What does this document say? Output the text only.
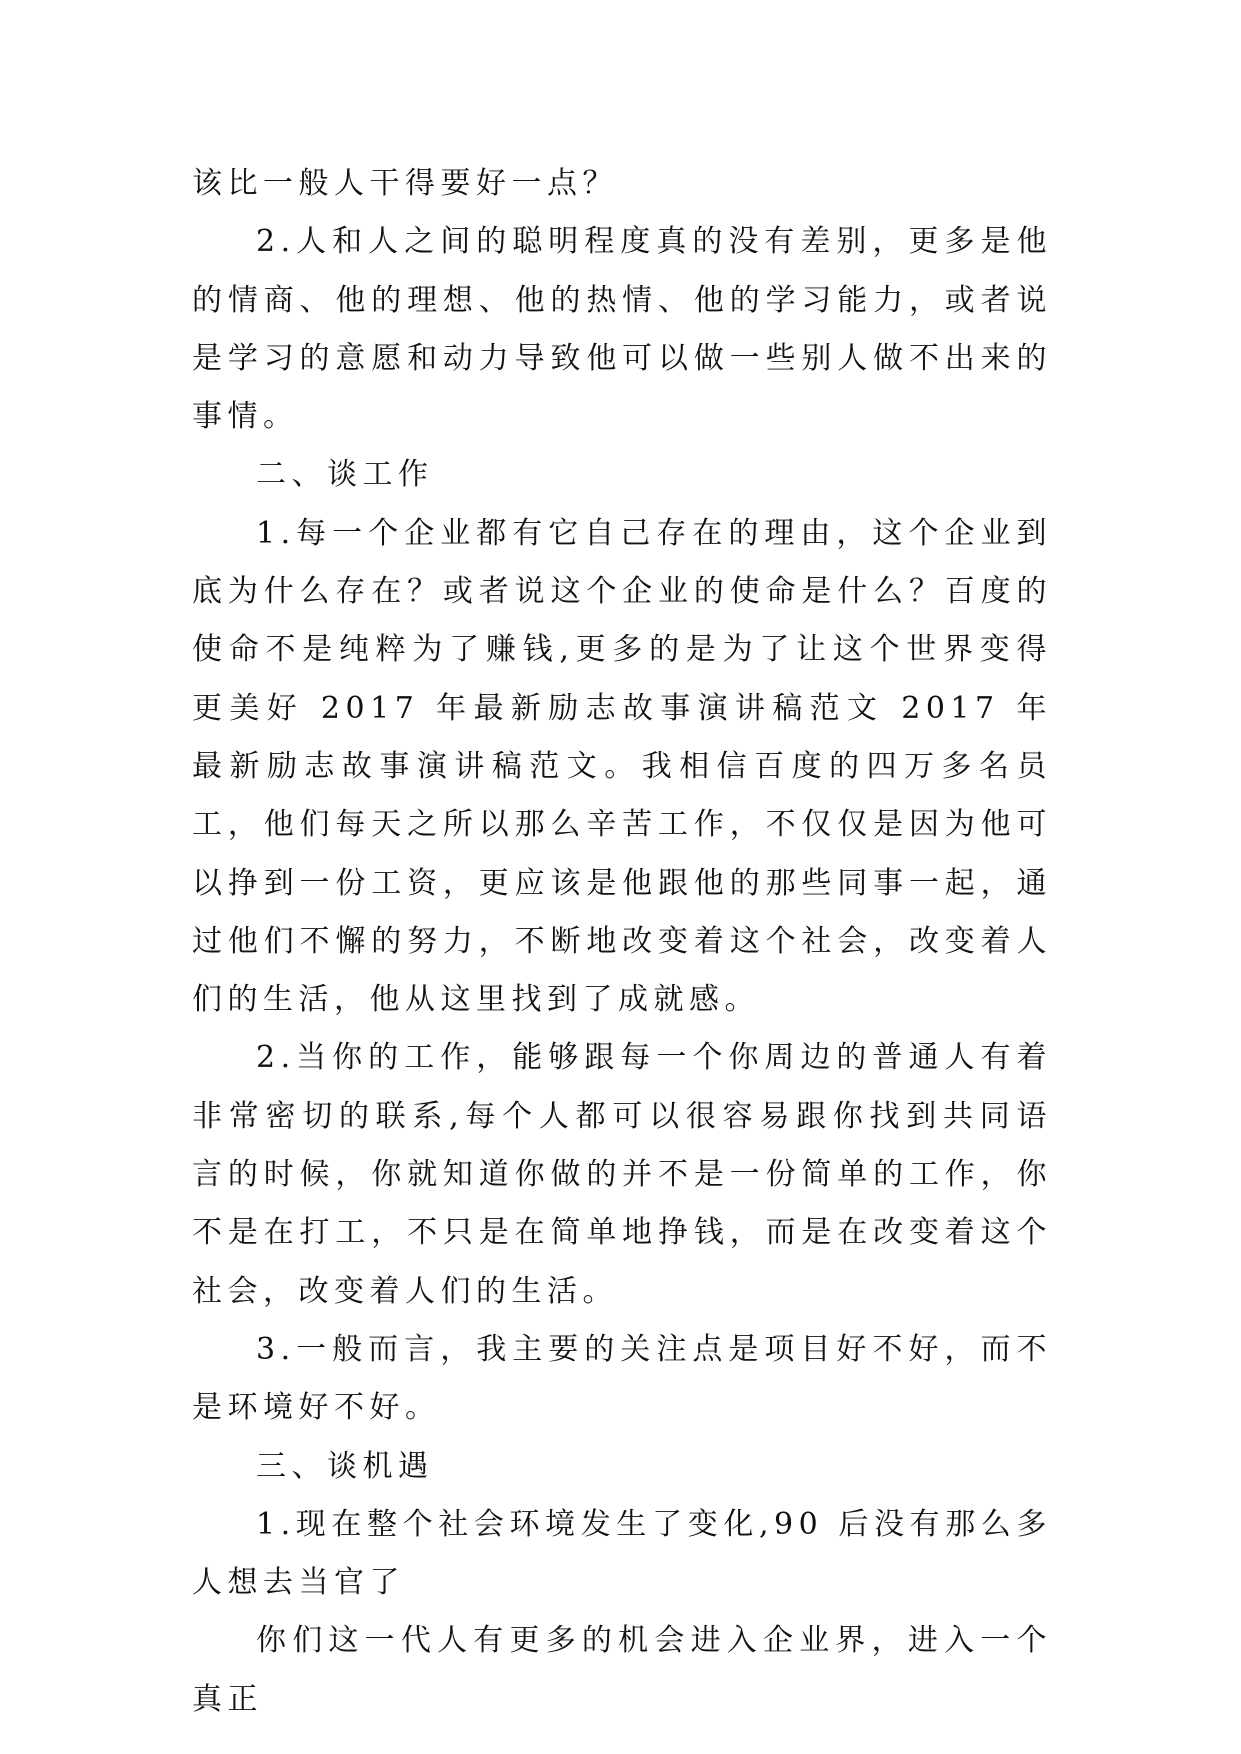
该比一般人干得要好一点？

2.人和人之间的聪明程度真的没有差别，更多是他的情商、他的理想、他的热情、他的学习能力，或者说是学习的意愿和动力导致他可以做一些别人做不出来的事情。

二、谈工作

1.每一个企业都有它自己存在的理由，这个企业到底为什么存在？或者说这个企业的使命是什么？百度的使命不是纯粹为了赚钱,更多的是为了让这个世界变得更美好 2017 年最新励志故事演讲稿范文 2017 年最新励志故事演讲稿范文。我相信百度的四万多名员工，他们每天之所以那么辛苦工作，不仅仅是因为他可以挣到一份工资，更应该是他跟他的那些同事一起，通过他们不懈的努力，不断地改变着这个社会，改变着人们的生活，他从这里找到了成就感。

2.当你的工作，能够跟每一个你周边的普通人有着非常密切的联系,每个人都可以很容易跟你找到共同语言的时候，你就知道你做的并不是一份简单的工作，你不是在打工，不只是在简单地挣钱，而是在改变着这个社会，改变着人们的生活。

3.一般而言，我主要的关注点是项目好不好，而不是环境好不好。

三、谈机遇

1.现在整个社会环境发生了变化,90 后没有那么多人想去当官了

你们这一代人有更多的机会进入企业界，进入一个真正
